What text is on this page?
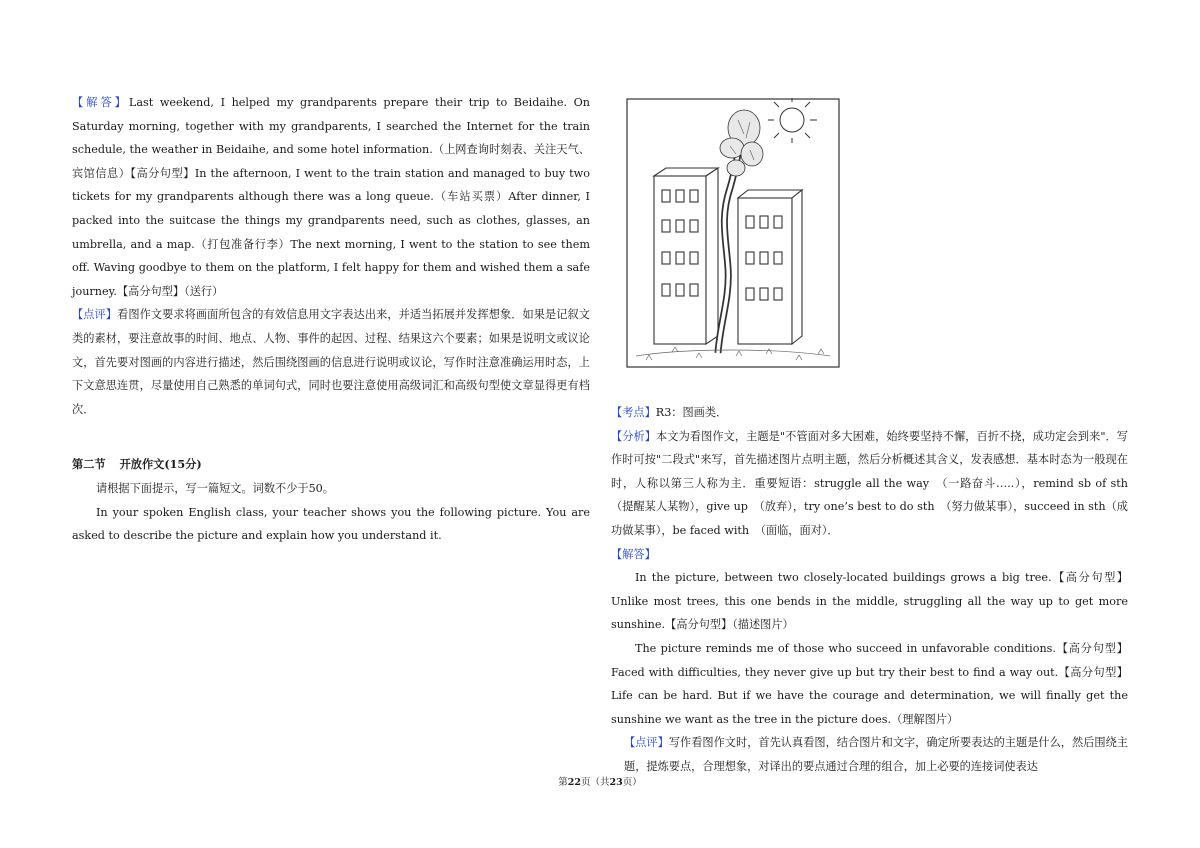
【解答】Last weekend, I helped my grandparents prepare their trip to Beidaihe. On Saturday morning, together with my grandparents, I searched the Internet for the train schedule, the weather in Beidaihe, and some hotel information.（上网查询时刻表、关注天气、宾馆信息）【高分句型】In the afternoon, I went to the train station and managed to buy two tickets for my grandparents although there was a long queue.（车站买票）After dinner, I packed into the suitcase the things my grandparents need, such as clothes, glasses, an umbrella, and a map.（打包准备行李）The next morning, I went to the station to see them off. Waving goodbye to them on the platform, I felt happy for them and wished them a safe journey.【高分句型】（送行）

【点评】看图作文要求将画面所包含的有效信息用文字表达出来，并适当拓展并发挥想象．如果是记叙文类的素材，要注意故事的时间、地点、人物、事件的起因、过程、结果这六个要素；如果是说明文或议论文，首先要对图画的内容进行描述，然后围绕图画的信息进行说明或议论，写作时注意准确运用时态，上下文意思连贯，尽量使用自己熟悉的单词句式，同时也要注意使用高级词汇和高级句型使文章显得更有档次．

第二节 开放作文(15分)

请根据下面提示，写一篇短文。词数不少于50。

In your spoken English class, your teacher shows you the following picture. You are asked to describe the picture and explain how you understand it.

【考点】R3：图画类．

【分析】本文为看图作文，主题是"不管面对多大困难，始终要坚持不懈，百折不挠，成功定会到来"．写作时可按"二段式"来写，首先描述图片点明主题，然后分析概述其含义，发表感想．基本时态为一般现在时，人称以第三人称为主．重要短语：struggle all the way　（一路奋斗…..），remind sb of sth　（提醒某人某物），give up　（放弃），try one’s best to do sth　（努力做某事），succeed in sth（成功做某事），be faced with　（面临，面对）．

【解答】

In the picture, between two closely-located buildings grows a big tree.【高分句型】Unlike most trees, this one bends in the middle, struggling all the way up to get more sunshine.【高分句型】（描述图片）

The picture reminds me of those who succeed in unfavorable conditions.【高分句型】Faced with difficulties, they never give up but try their best to find a way out.【高分句型】Life can be hard. But if we have the courage and determination, we will finally get the sunshine we want as the tree in the picture does.（理解图片）

【点评】写作看图作文时，首先认真看图，结合图片和文字，确定所要表达的主题是什么，然后围绕主题，提炼要点，合理想象，对译出的要点通过合理的组合，加上必要的连接词使表达

第22页（共23页）
